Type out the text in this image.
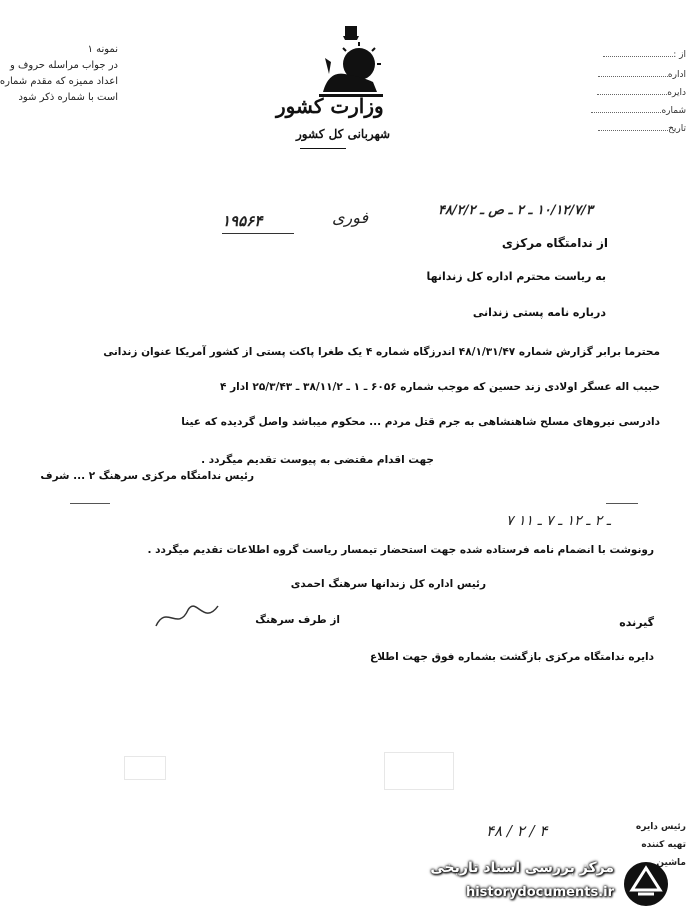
نمونه ۱
در جواب مراسله حروف و
اعداد ممیزه که مقدم شماره
است با شماره ذکر شود	وزارت کشور
شهربانی کل کشور
از :
اداره
دایره
شماره
تاریخ
۱۹۵۶۴	فوری	۱۰/۱۲/۷/۳ ـ ۲ ـ ص ـ ۴۸/۲/۲
از ندامتگاه مرکزی
به ریاست محترم اداره کل زندانها
درباره نامه پستی زندانی
محترما برابر گزارش شماره ۴۸/۱/۳۱/۴۷ اندرزگاه شماره ۴ یک طغرا پاکت پستی از کشور آمریکا عنوان زندانی
حبیب اله عسگر اولادی زند حسین که موجب شماره ۶۰۵۶ ـ ۱ ـ ۳۸/۱۱/۲ ـ ۲۵/۳/۴۳ ادار ۴
دادرسی نیروهای مسلح شاهنشاهی به جرم قتل مردم ... محکوم میباشد واصل گردیده که عینا
جهت اقدام مقتضی به پیوست تقدیم میگردد .
رئیس ندامتگاه مرکزی سرهنگ ۲ ... شرف
۷ ـ ۲ ـ ۱۲ ـ ۷ ـ ۱۱
رونوشت با انضمام نامه فرستاده شده جهت استحضار تیمسار ریاست گروه اطلاعات تقدیم میگردد .
رئیس اداره کل زندانها سرهنگ احمدی
گیرنده
از طرف سرهنگ
دایره ندامتگاه مرکزی بازگشت بشماره فوق جهت اطلاع
۴۸ / ۲ / ۴	رئیس دایره
تهیه کننده
ماشین
مرکز بررسی اسناد تاریخی
historydocuments.ir
